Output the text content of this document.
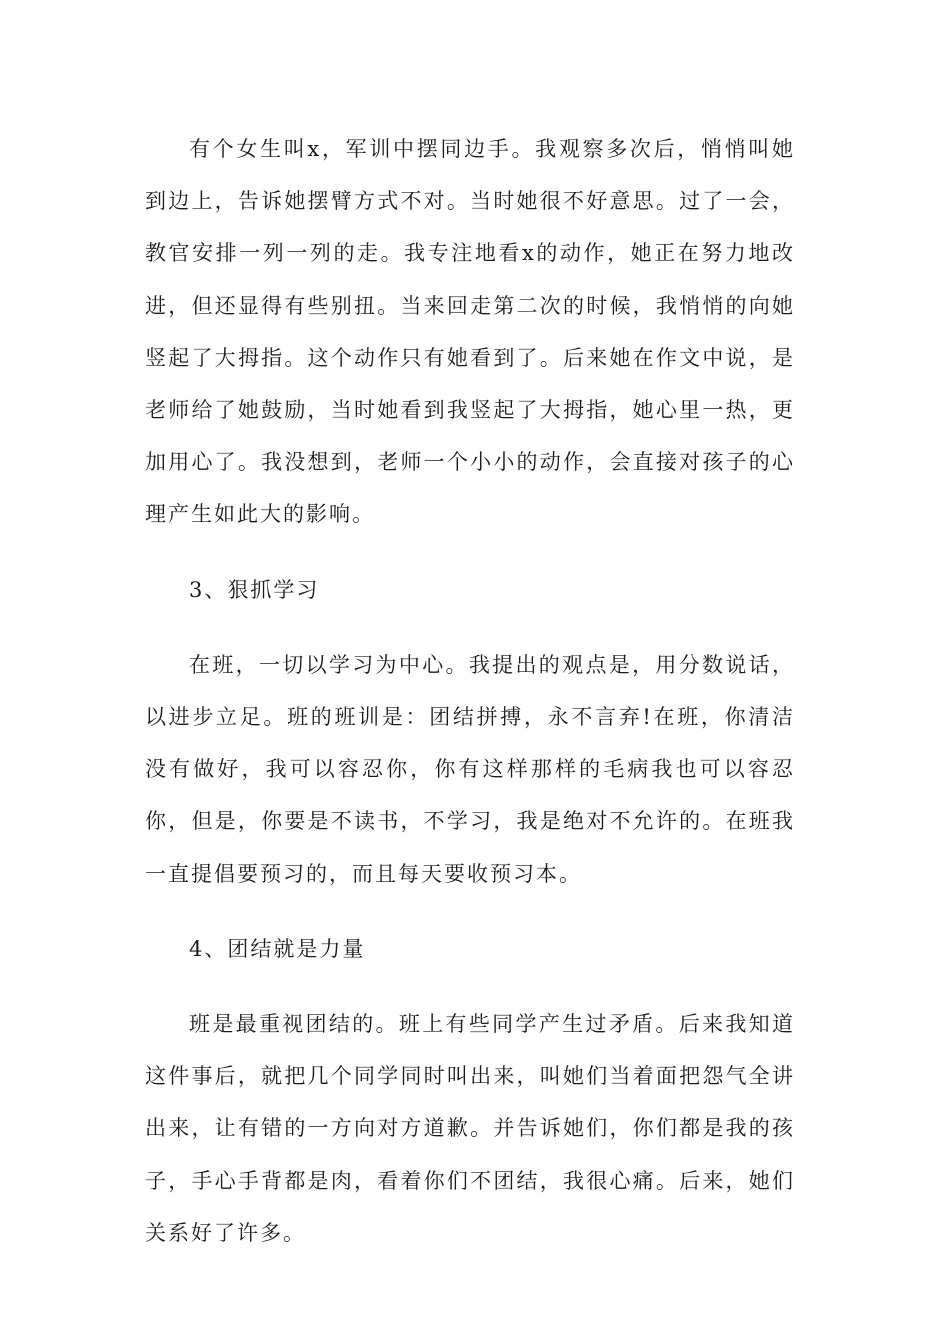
有个女生叫x，军训中摆同边手。我观察多次后，悄悄叫她到边上，告诉她摆臂方式不对。当时她很不好意思。过了一会，教官安排一列一列的走。我专注地看x的动作，她正在努力地改进，但还显得有些别扭。当来回走第二次的时候，我悄悄的向她竖起了大拇指。这个动作只有她看到了。后来她在作文中说，是老师给了她鼓励，当时她看到我竖起了大拇指，她心里一热，更加用心了。我没想到，老师一个小小的动作，会直接对孩子的心理产生如此大的影响。

3、狠抓学习

在班，一切以学习为中心。我提出的观点是，用分数说话，以进步立足。班的班训是：团结拼搏，永不言弃!在班，你清洁没有做好，我可以容忍你，你有这样那样的毛病我也可以容忍你，但是，你要是不读书，不学习，我是绝对不允许的。在班我一直提倡要预习的，而且每天要收预习本。

4、团结就是力量

班是最重视团结的。班上有些同学产生过矛盾。后来我知道这件事后，就把几个同学同时叫出来，叫她们当着面把怨气全讲出来，让有错的一方向对方道歉。并告诉她们，你们都是我的孩子，手心手背都是肉，看着你们不团结，我很心痛。后来，她们关系好了许多。
